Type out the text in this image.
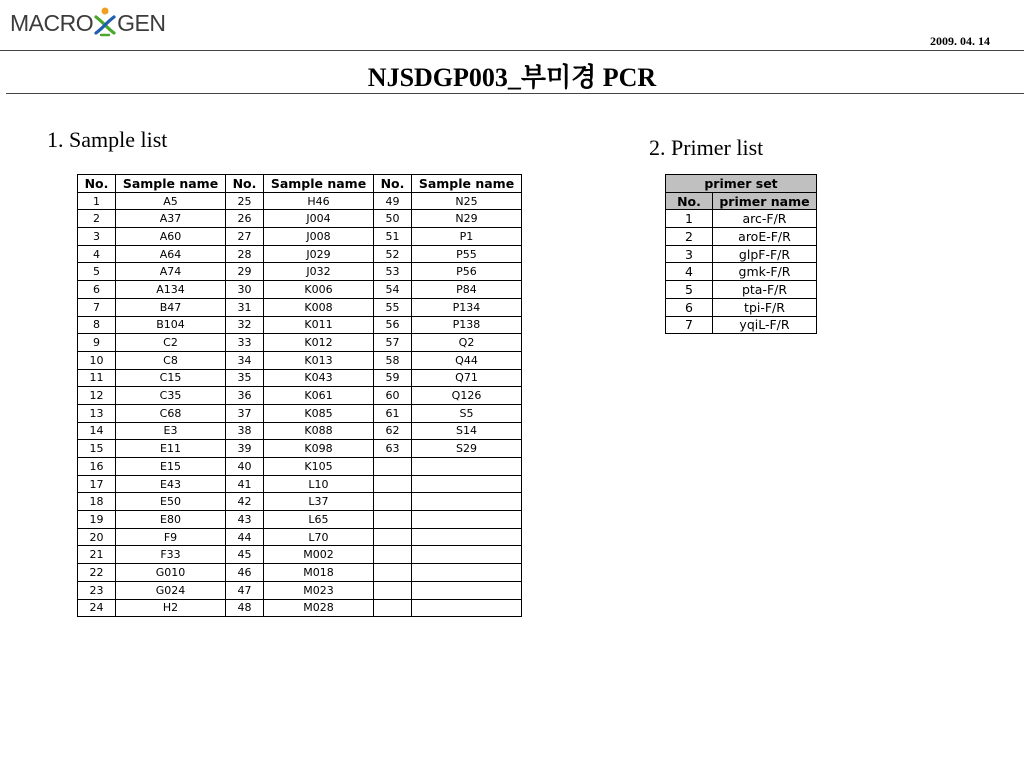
MACRO GEN
2009. 04. 14
NJSDGP003_부미경 PCR
1. Sample list	2. Primer list
No.	Sample name	No.	Sample name	No.	Sample name
1	A5	25	H46	49	N25
2	A37	26	J004	50	N29
3	A60	27	J008	51	P1
4	A64	28	J029	52	P55
5	A74	29	J032	53	P56
6	A134	30	K006	54	P84
7	B47	31	K008	55	P134
8	B104	32	K011	56	P138
9	C2	33	K012	57	Q2
10	C8	34	K013	58	Q44
11	C15	35	K043	59	Q71
12	C35	36	K061	60	Q126
13	C68	37	K085	61	S5
14	E3	38	K088	62	S14
15	E11	39	K098	63	S29
16	E15	40	K105		
17	E43	41	L10		
18	E50	42	L37		
19	E80	43	L65		
20	F9	44	L70		
21	F33	45	M002		
22	G010	46	M018		
23	G024	47	M023		
24	H2	48	M028		
primer set	
No.	primer name
1	arc-F/R
2	aroE-F/R
3	glpF-F/R
4	gmk-F/R
5	pta-F/R
6	tpi-F/R
7	yqiL-F/R
